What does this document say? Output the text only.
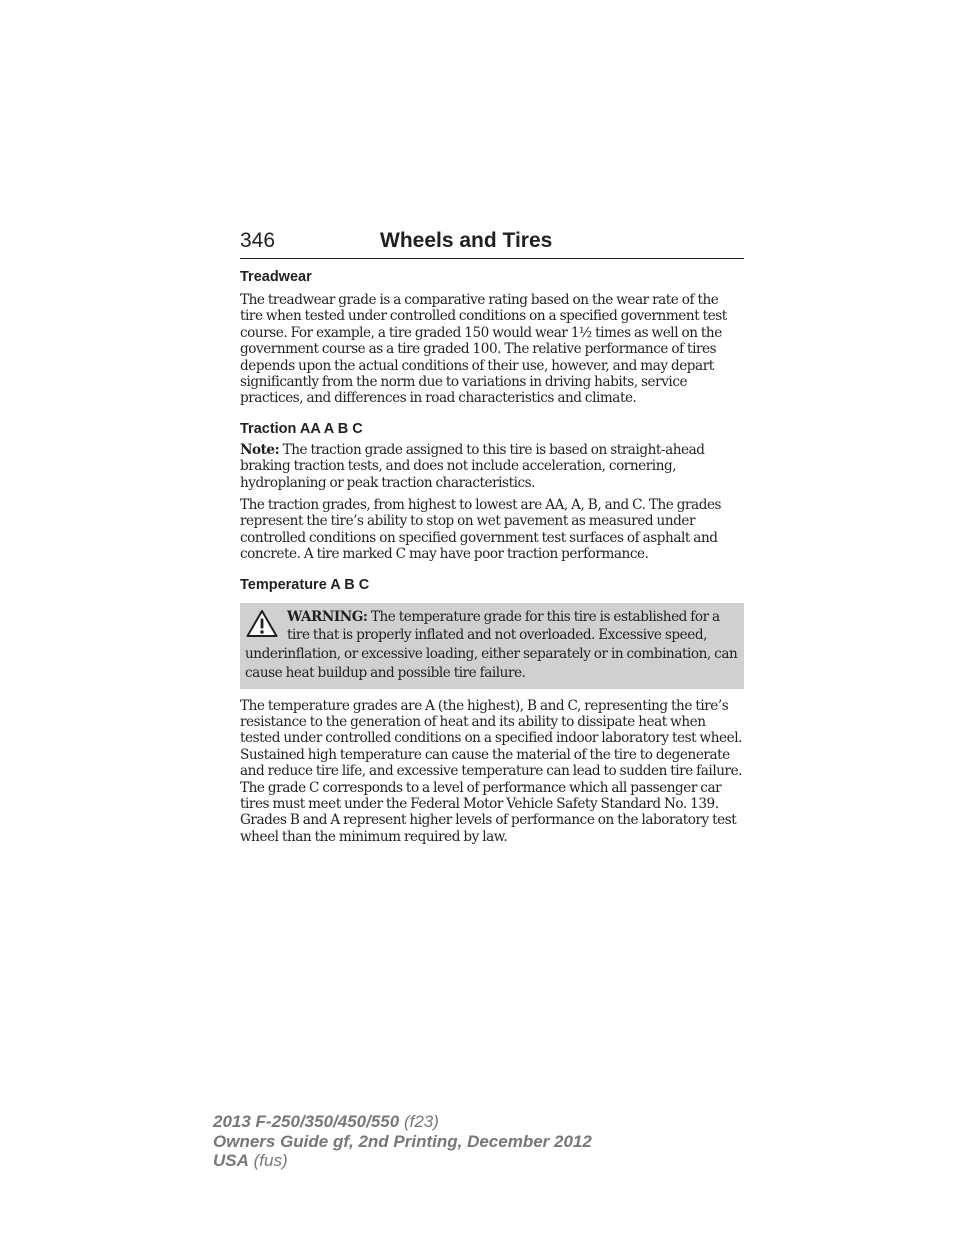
346	Wheels and Tires
Treadwear

The treadwear grade is a comparative rating based on the wear rate of the tire when tested under controlled conditions on a specified government test course. For example, a tire graded 150 would wear 1½ times as well on the government course as a tire graded 100. The relative performance of tires depends upon the actual conditions of their use, however, and may depart significantly from the norm due to variations in driving habits, service practices, and differences in road characteristics and climate.

Traction AA A B C

Note: The traction grade assigned to this tire is based on straight-ahead braking traction tests, and does not include acceleration, cornering, hydroplaning or peak traction characteristics.

The traction grades, from highest to lowest are AA, A, B, and C. The grades represent the tire’s ability to stop on wet pavement as measured under controlled conditions on specified government test surfaces of asphalt and concrete. A tire marked C may have poor traction performance.

Temperature A B C
WARNING: The temperature grade for this tire is established for a tire that is properly inflated and not overloaded. Excessive speed, underinflation, or excessive loading, either separately or in combination, can cause heat buildup and possible tire failure.

The temperature grades are A (the highest), B and C, representing the tire’s resistance to the generation of heat and its ability to dissipate heat when tested under controlled conditions on a specified indoor laboratory test wheel. Sustained high temperature can cause the material of the tire to degenerate and reduce tire life, and excessive temperature can lead to sudden tire failure. The grade C corresponds to a level of performance which all passenger car tires must meet under the Federal Motor Vehicle Safety Standard No. 139. Grades B and A represent higher levels of performance on the laboratory test wheel than the minimum required by law.

2013 F-250/350/450/550 (f23)
Owners Guide gf, 2nd Printing, December 2012
USA (fus)
